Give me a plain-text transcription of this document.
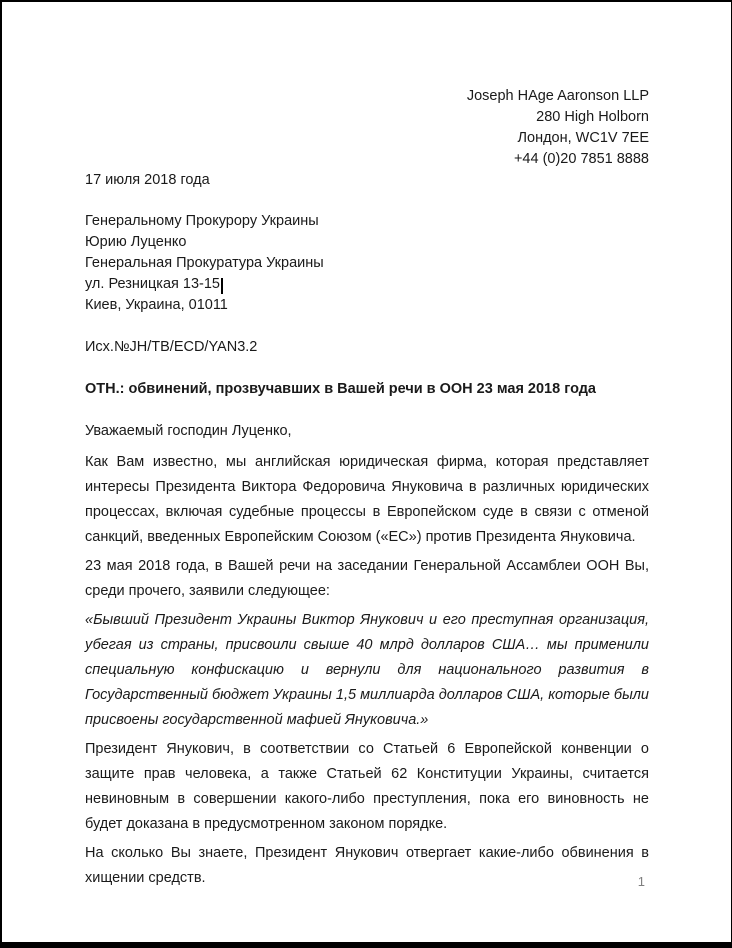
Joseph HAge Aaronson LLP
280 High Holborn
Лондон, WC1V 7EE
+44 (0)20 7851 8888
17 июля 2018 года
Генеральному Прокурору Украины
Юрию Луценко
Генеральная Прокуратура Украины
ул. Резницкая 13-15
Киев, Украина, 01011
Исх.№JH/TB/ECD/YAN3.2
ОТН.: обвинений, прозвучавших в Вашей речи в ООН 23 мая 2018 года
Уважаемый господин Луценко,

Как Вам известно, мы английская юридическая фирма, которая представляет интересы Президента Виктора Федоровича Януковича в различных юридических процессах, включая судебные процессы в Европейском суде в связи с отменой санкций, введенных Европейским Союзом («ЕС») против Президента Януковича.

23 мая 2018 года, в Вашей речи на заседании Генеральной Ассамблеи ООН Вы, среди прочего, заявили следующее:

«Бывший Президент Украины Виктор Янукович и его преступная организация, убегая из страны, присвоили свыше 40 млрд долларов США… мы применили специальную конфискацию и вернули для национального развития в Государственный бюджет Украины 1,5 миллиарда долларов США, которые были присвоены государственной мафией Януковича.»

Президент Янукович, в соответствии со Статьей 6 Европейской конвенции о защите прав человека, а также Статьей 62 Конституции Украины, считается невиновным в совершении какого-либо преступления, пока его виновность не будет доказана в предусмотренном законом порядке.

На сколько Вы знаете, Президент Янукович отвергает какие-либо обвинения в хищении средств.	1
